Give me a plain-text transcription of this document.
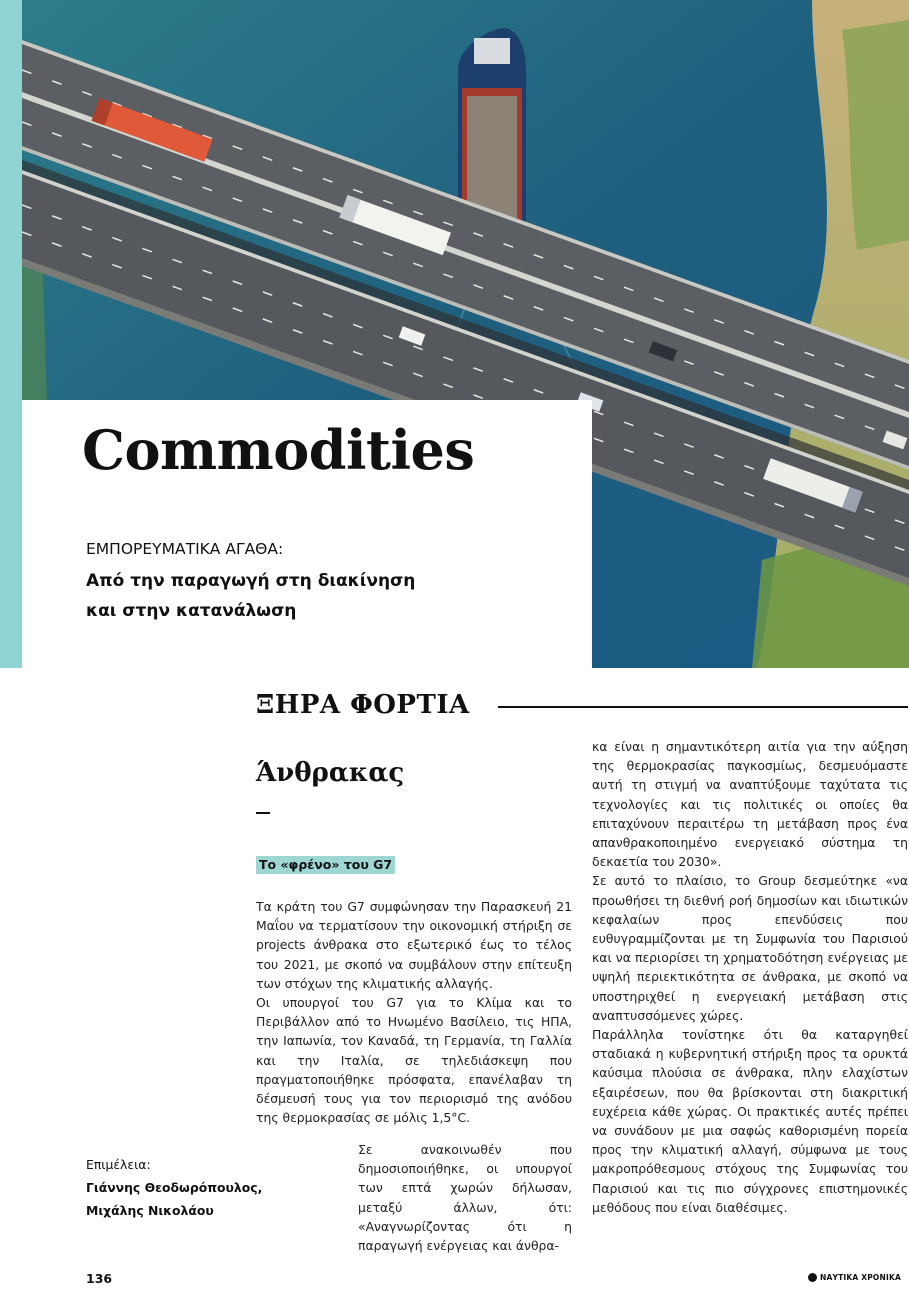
Commodities
ΕΜΠΟΡΕΥΜΑΤΙΚΑ ΑΓΑΘΑ:
Από την παραγωγή στη διακίνηση
και στην κατανάλωση
ΞΗΡΑ ΦΟΡΤΙΑ
Άνθρακας
Το «φρένο» του G7

Τα κράτη του G7 συμφώνησαν την Παρασκευή 21 Μαΐου να τερματίσουν την οικονομική στήριξη σε projects άνθρακα στο εξωτερικό έως το τέλος του 2021, με σκοπό να συμβάλουν στην επίτευξη των στόχων της κλιματικής αλλαγής.

Οι υπουργοί του G7 για το Κλίμα και το Περιβάλλον από το Ηνωμένο Βασίλειο, τις ΗΠΑ, την Ιαπωνία, τον Καναδά, τη Γερμανία, τη Γαλλία και την Ιταλία, σε τηλεδιάσκεψη που πραγματοποιήθηκε πρόσφατα, επανέλαβαν τη δέσμευσή τους για τον περιορισμό της ανόδου της θερμοκρασίας σε μόλις 1,5°C.

Σε ανακοινωθέν που δημοσιοποιήθηκε, οι υπουργοί των επτά χωρών δήλωσαν, μεταξύ άλλων, ότι: «Αναγνωρίζοντας ότι η παραγωγή ενέργειας και άνθρα-

κα είναι η σημαντικότερη αιτία για την αύξηση της θερμοκρασίας παγκοσμίως, δεσμευόμαστε αυτή τη στιγμή να αναπτύξουμε ταχύτατα τις τεχνολογίες και τις πολιτικές οι οποίες θα επιταχύνουν περαιτέρω τη μετάβαση προς ένα απανθρακοποιημένο ενεργειακό σύστημα τη δεκαετία του 2030».

Σε αυτό το πλαίσιο, το Group δεσμεύτηκε «να προωθήσει τη διεθνή ροή δημοσίων και ιδιωτικών κεφαλαίων προς επενδύσεις που ευθυγραμμίζονται με τη Συμφωνία του Παρισιού και να περιορίσει τη χρηματοδότηση ενέργειας με υψηλή περιεκτικότητα σε άνθρακα, με σκοπό να υποστηριχθεί η ενεργειακή μετάβαση στις αναπτυσσόμενες χώρες.

Παράλληλα τονίστηκε ότι θα καταργηθεί σταδιακά η κυβερνητική στήριξη προς τα ορυκτά καύσιμα πλούσια σε άνθρακα, πλην ελαχίστων εξαιρέσεων, που θα βρίσκονται στη διακριτική ευχέρεια κάθε χώρας. Οι πρακτικές αυτές πρέπει να συνάδουν με μια σαφώς καθορισμένη πορεία προς την κλιματική αλλαγή, σύμφωνα με τους μακροπρόθεσμους στόχους της Συμφωνίας του Παρισιού και τις πιο σύγχρονες επιστημονικές μεθόδους που είναι διαθέσιμες.

Επιμέλεια:
Γιάννης Θεοδωρόπουλος,
Μιχάλης Νικολάου
136	ΝΑΥΤΙΚΑ ΧΡΟΝΙΚΑ
